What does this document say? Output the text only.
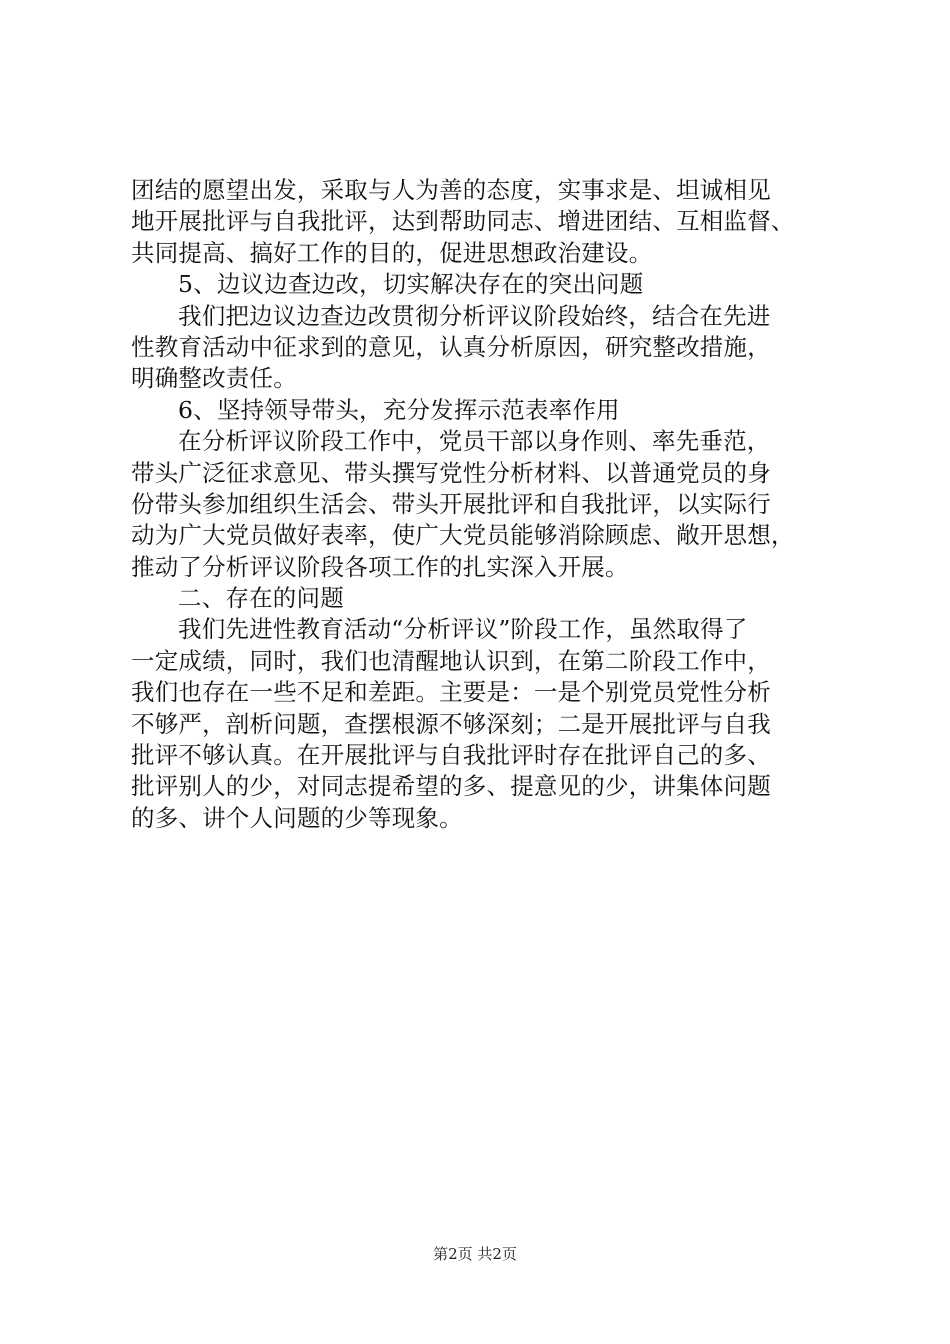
团结的愿望出发，采取与人为善的态度，实事求是、坦诚相见
地开展批评与自我批评，达到帮助同志、增进团结、互相监督、
共同提高、搞好工作的目的，促进思想政治建设。
5、边议边查边改，切实解决存在的突出问题
我们把边议边查边改贯彻分析评议阶段始终，结合在先进
性教育活动中征求到的意见，认真分析原因，研究整改措施，
明确整改责任。
6、坚持领导带头，充分发挥示范表率作用
在分析评议阶段工作中，党员干部以身作则、率先垂范，
带头广泛征求意见、带头撰写党性分析材料、以普通党员的身
份带头参加组织生活会、带头开展批评和自我批评，以实际行
动为广大党员做好表率，使广大党员能够消除顾虑、敞开思想，
推动了分析评议阶段各项工作的扎实深入开展。
二、存在的问题
我们先进性教育活动“分析评议”阶段工作，虽然取得了
一定成绩，同时，我们也清醒地认识到，在第二阶段工作中，
我们也存在一些不足和差距。主要是：一是个别党员党性分析
不够严，剖析问题，查摆根源不够深刻；二是开展批评与自我
批评不够认真。在开展批评与自我批评时存在批评自己的多、
批评别人的少，对同志提希望的多、提意见的少，讲集体问题
的多、讲个人问题的少等现象。
第2页 共2页
